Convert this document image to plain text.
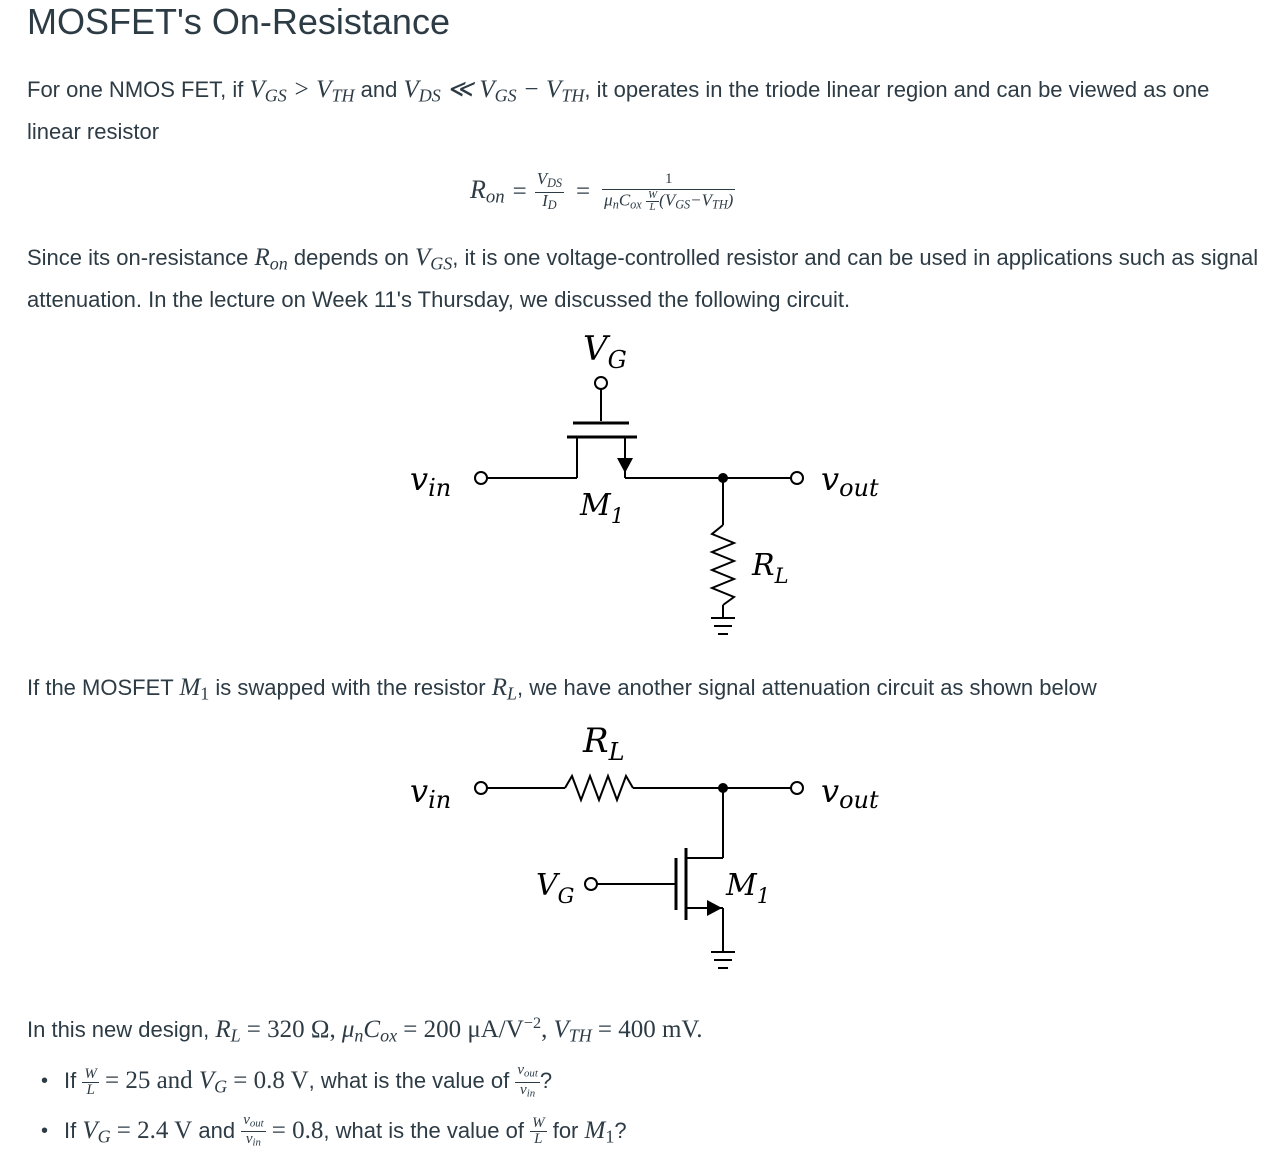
MOSFET's On-Resistance

For one NMOS FET, if $V_{GS} > V_{TH}$ and $V_{DS}$ ≪ $V_{GS} - V_{TH}$, it operates in the triode linear region and can be viewed as one linear resistor

$R_{on} = \frac{V_{DS}}{I_D} = \frac{1}{\mu_nC_{ox} \frac{W}{L} (V_{GS}-V_{TH})}$

Since its on-resistance $R_{on}$ depends on $V_{GS}$, it is one voltage-controlled resistor and can be used in applications such as signal attenuation. In the lecture on Week 11's Thursday, we discussed the following circuit.

$V_G$
vin	vout
$M_1$
$R_L$

If the MOSFET $M_1$ is swapped with the resistor $R_L$, we have another signal attenuation circuit as shown below

$R_L$
vin	vout
$V_G$	$M_1$

In this new design, $R_L = 320$ Ω, $\mu_nC_{ox} = 200$ $\mu A/V^{-2}$, $V_{TH} = 400$ mV.

• If $\frac{W}{L} = 25$ and $V_G = 0.8$ V, what is the value of $\frac{v_{out}}{v_{in}}$ ?
• If $V_G = 2.4$ V and $\frac{v_{out}}{v_{in}} = 0.8$, what is the value of $\frac{W}{L}$ for $M_1$?
